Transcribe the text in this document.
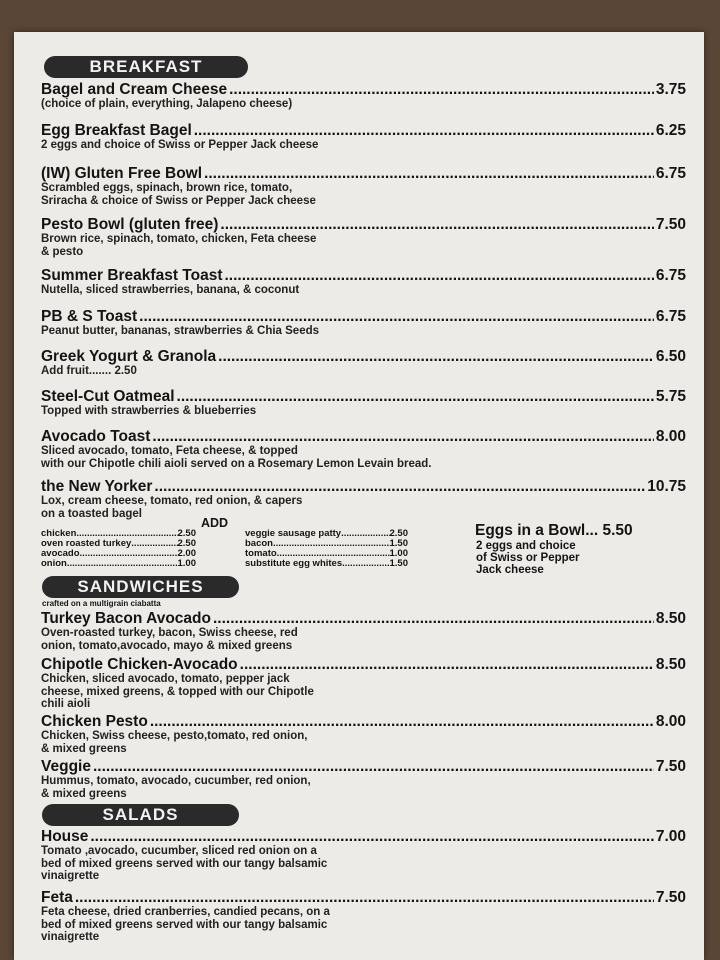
BREAKFAST
Bagel and Cream Cheese .....	3.75
(choice of plain, everything, Jalapeno cheese)
Egg Breakfast Bagel .....	6.25
2 eggs and choice of Swiss or Pepper Jack cheese
(IW) Gluten Free Bowl .....	6.75
Scrambled eggs, spinach, brown rice, tomato,
Sriracha & choice of Swiss or Pepper Jack cheese
Pesto Bowl (gluten free) .....	7.50
Brown rice, spinach, tomato, chicken, Feta cheese
& pesto
Summer Breakfast Toast .....	6.75
Nutella, sliced strawberries, banana, & coconut
PB & S Toast .....	6.75
Peanut butter, bananas, strawberries & Chia Seeds
Greek Yogurt & Granola .....	6.50
Add fruit....... 2.50
Steel-Cut Oatmeal .....	5.75
Topped with strawberries & blueberries
Avocado Toast .....	8.00
Sliced avocado, tomato, Feta cheese, & topped
with our Chipotle chili aioli served on a Rosemary Lemon Levain bread.
the New Yorker .....	10.75
Lox, cream cheese, tomato, red onion, & capers
on a toasted bagel
ADD
chicken .....	2.50
oven roasted turkey .....	2.50
avocado .....	2.00
onion .....	1.00
veggie sausage patty .....	2.50
bacon .....	1.50
tomato .....	1.00
substitute egg whites .....	1.50
Eggs in a Bowl... 5.50
2 eggs and choice
of Swiss or Pepper
Jack cheese
SANDWICHES
crafted on a multigrain ciabatta
Turkey Bacon Avocado .....	8.50
Oven-roasted turkey, bacon, Swiss cheese, red
onion, tomato,avocado, mayo & mixed greens
Chipotle Chicken-Avocado .....	8.50
Chicken, sliced avocado, tomato, pepper jack
cheese, mixed greens, & topped with our Chipotle
chili aioli
Chicken Pesto .....	8.00
Chicken, Swiss cheese, pesto,tomato, red onion,
& mixed greens
Veggie .....	7.50
Hummus, tomato, avocado, cucumber, red onion,
& mixed greens
SALADS
House .....	7.00
Tomato ,avocado, cucumber, sliced red onion on a
bed of mixed greens served with our tangy balsamic
vinaigrette
Feta .....	7.50
Feta cheese, dried cranberries, candied pecans, on a
bed of mixed greens served with our tangy balsamic
vinaigrette
